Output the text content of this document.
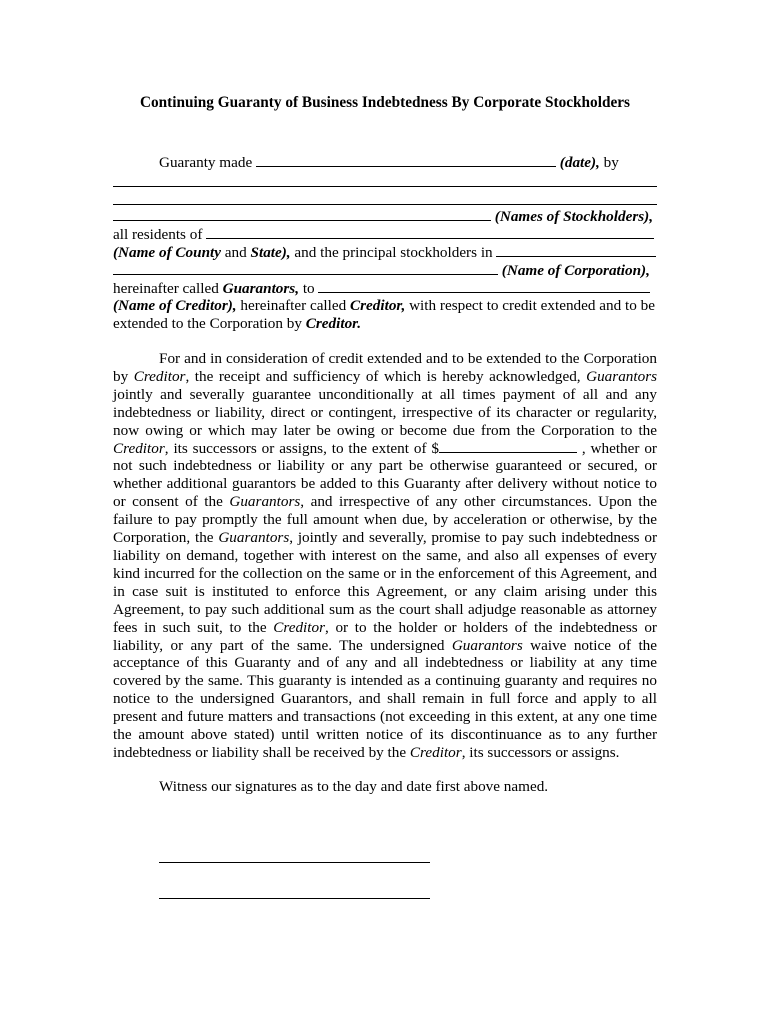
Continuing Guaranty of Business Indebtedness By Corporate Stockholders
Guaranty made	(date), by
(Names of Stockholders),
all residents of
(Name of County and State), and the principal stockholders in
(Name of Corporation),
hereinafter called Guarantors, to
(Name of Creditor), hereinafter called Creditor, with respect to credit extended and to be
extended to the Corporation by Creditor.
For and in consideration of credit extended and to be extended to the Corporation by Creditor, the receipt and sufficiency of which is hereby acknowledged, Guarantors jointly and severally guarantee unconditionally at all times payment of all and any indebtedness or liability, direct or contingent, irrespective of its character or regularity, now owing or which may later be owing or become due from the Corporation to the Creditor, its successors or assigns, to the extent of $	, whether or not such indebtedness or liability or any part be otherwise guaranteed or secured, or whether additional guarantors be added to this Guaranty after delivery without notice to or consent of the Guarantors, and irrespective of any other circumstances. Upon the failure to pay promptly the full amount when due, by acceleration or otherwise, by the Corporation, the Guarantors, jointly and severally, promise to pay such indebtedness or liability on demand, together with interest on the same, and also all expenses of every kind incurred for the collection on the same or in the enforcement of this Agreement, and in case suit is instituted to enforce this Agreement, or any claim arising under this Agreement, to pay such additional sum as the court shall adjudge reasonable as attorney fees in such suit, to the Creditor, or to the holder or holders of the indebtedness or liability, or any part of the same. The undersigned Guarantors waive notice of the acceptance of this Guaranty and of any and all indebtedness or liability at any time covered by the same. This guaranty is intended as a continuing guaranty and requires no notice to the undersigned Guarantors, and shall remain in full force and apply to all present and future matters and transactions (not exceeding in this extent, at any one time the amount above stated) until written notice of its discontinuance as to any further indebtedness or liability shall be received by the Creditor, its successors or assigns.
Witness our signatures as to the day and date first above named.
